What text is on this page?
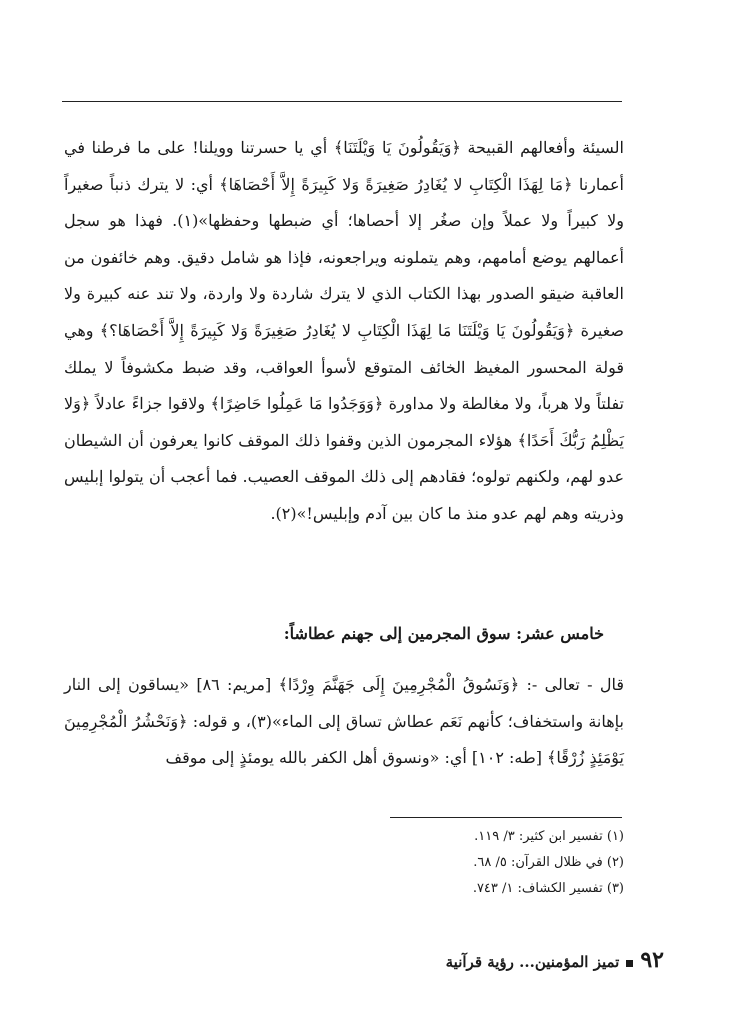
السيئة وأفعالهم القبيحة ﴿وَيَقُولُونَ يَا وَيْلَتَنَا﴾ أي يا حسرتنا وويلنا! على ما فرطنا في أعمارنا ﴿مَا لِهَذَا الْكِتَابِ لا يُغَادِرُ صَغِيرَةً وَلا كَبِيرَةً إِلاَّ أَحْصَاهَا﴾ أي: لا يترك ذنباً صغيراً ولا كبيراً ولا عملاً وإن صغُر إلا أحصاها؛ أي ضبطها وحفظها»(١). فهذا هو سجل أعمالهم يوضع أمامهم، وهم يتملونه ويراجعونه، فإذا هو شامل دقيق. وهم خائفون من العاقبة ضيقو الصدور بهذا الكتاب الذي لا يترك شاردة ولا واردة، ولا تند عنه كبيرة ولا صغيرة ﴿وَيَقُولُونَ يَا وَيْلَتَنَا مَا لِهَذَا الْكِتَابِ لا يُغَادِرُ صَغِيرَةً وَلا كَبِيرَةً إِلاَّ أَحْصَاهَا؟﴾ وهي قولة المحسور المغيظ الخائف المتوقع لأسوأ العواقب، وقد ضبط مكشوفاً لا يملك تفلتاً ولا هرباً، ولا مغالطة ولا مداورة ﴿وَوَجَدُوا مَا عَمِلُوا حَاضِرًا﴾ ولاقوا جزاءً عادلاً ﴿وَلا يَظْلِمُ رَبُّكَ أَحَدًا﴾ هؤلاء المجرمون الذين وقفوا ذلك الموقف كانوا يعرفون أن الشيطان عدو لهم، ولكنهم تولوه؛ فقادهم إلى ذلك الموقف العصيب. فما أعجب أن يتولوا إبليس وذريته وهم لهم عدو منذ ما كان بين آدم وإبليس!»(٢).

خامس عشر: سوق المجرمين إلى جهنم عطاشاً:

قال - تعالى -: ﴿وَنَسُوقُ الْمُجْرِمِينَ إِلَى جَهَنَّمَ وِرْدًا﴾ [مريم: ٨٦] «يساقون إلى النار بإهانة واستخفاف؛ كأنهم نَعَم عطاش تساق إلى الماء»(٣)، و قوله: ﴿وَنَحْشُرُ الْمُجْرِمِينَ يَوْمَئِذٍ زُرْقًا﴾ [طه: ١٠٢] أي: «ونسوق أهل الكفر بالله يومئذٍ إلى موقف

(١) تفسير ابن كثير: ٣/ ١١٩.
(٢) في ظلال القرآن: ٥/ ٦٨.
(٣) تفسير الكشاف: ١/ ٧٤٣.
٩٢تميز المؤمنين... رؤية قرآنية
